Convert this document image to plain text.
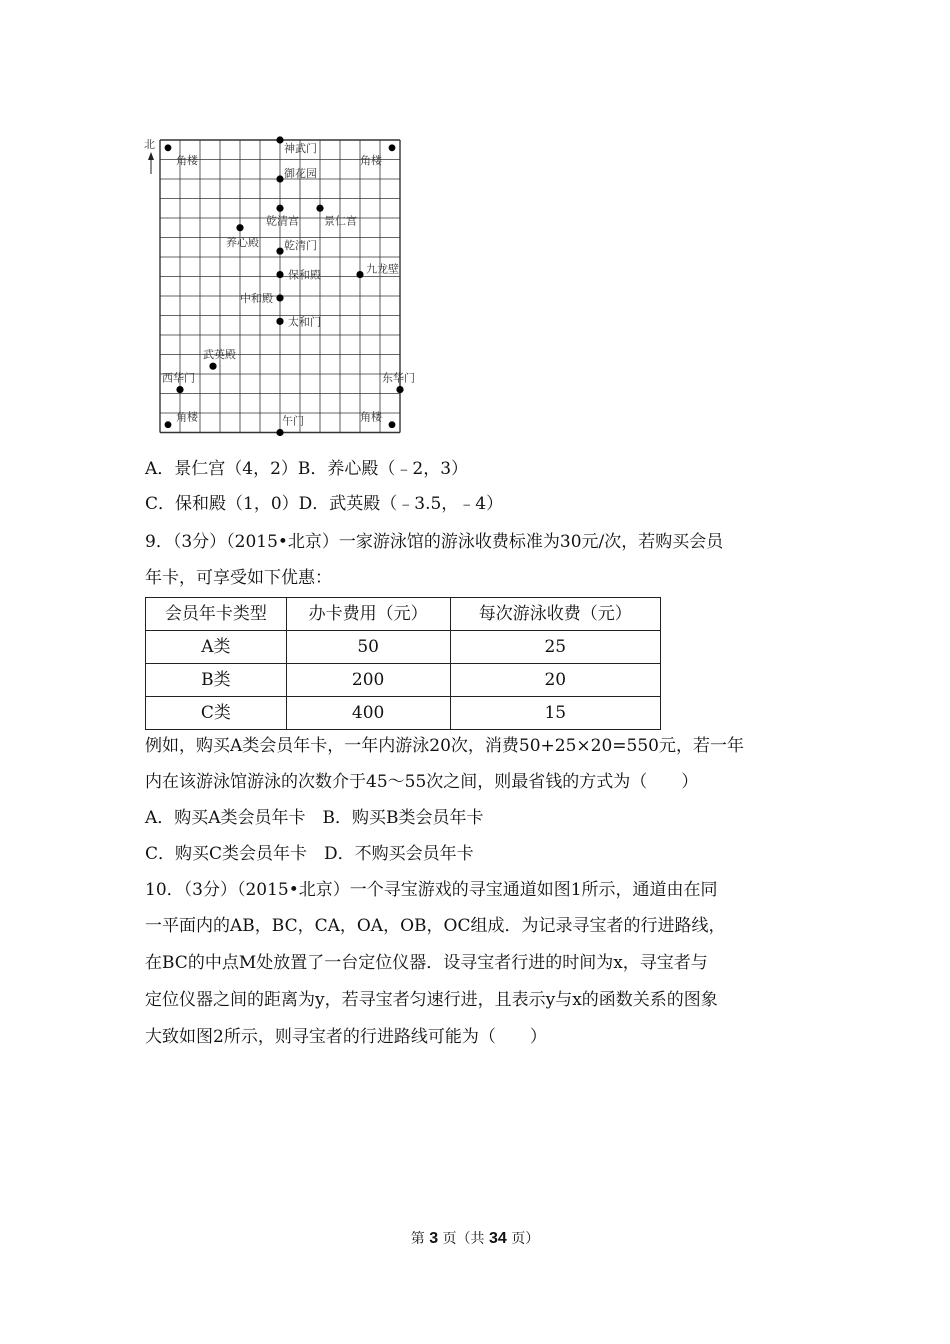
北
角楼	角楼
角楼	角楼
神武门
御花园
乾清宫 景仁宫
养心殿 乾清门
保和殿	九龙壁
中和殿
太和门
武英殿
西华门	东华门
午门
A．景仁宫（4，2）B．养心殿（﹣2，3）
C．保和殿（1，0）D．武英殿（﹣3.5，﹣4）
9．（3分）（2015•北京）一家游泳馆的游泳收费标准为30元/次，若购买会员
年卡，可享受如下优惠：
会员年卡类型	办卡费用（元）	每次游泳收费（元）
A类	50	25
B类	200	20
C类	400	15
例如，购买A类会员年卡，一年内游泳20次，消费50+25×20=550元，若一年
内在该游泳馆游泳的次数介于45～55次之间，则最省钱的方式为（　　）
A．购买A类会员年卡　B．购买B类会员年卡
C．购买C类会员年卡　D．不购买会员年卡
10．（3分）（2015•北京）一个寻宝游戏的寻宝通道如图1所示，通道由在同
一平面内的AB，BC，CA，OA，OB，OC组成．为记录寻宝者的行进路线，
在BC的中点M处放置了一台定位仪器．设寻宝者行进的时间为x，寻宝者与
定位仪器之间的距离为y，若寻宝者匀速行进，且表示y与x的函数关系的图象
大致如图2所示，则寻宝者的行进路线可能为（　　）
第 3 页（共 34 页）
